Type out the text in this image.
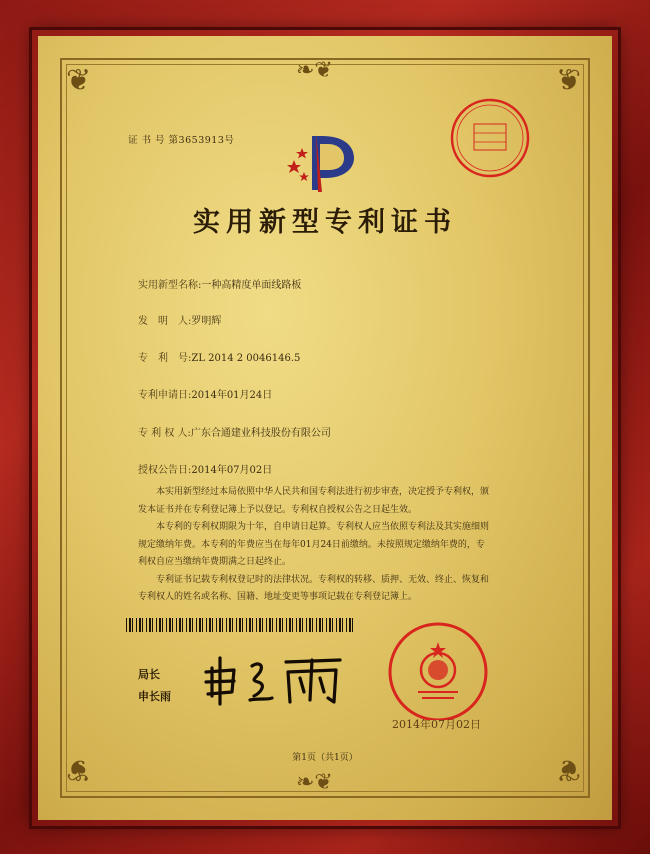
❦	❦
❦	❦
❧❦
❧❦
证 书 号 第3653913号
实用新型专利证书
实用新型名称:一种高精度单面线路板
发　明　人:罗明辉
专　利　号:ZL 2014 2 0046146.5
专利申请日:2014年01月24日
专 利 权 人:广东合通建业科技股份有限公司
授权公告日:2014年07月02日

　　本实用新型经过本局依照中华人民共和国专利法进行初步审查，决定授予专利权，颁

发本证书并在专利登记簿上予以登记。专利权自授权公告之日起生效。

　　本专利的专利权期限为十年，自申请日起算。专利权人应当依照专利法及其实施细则

规定缴纳年费。本专利的年费应当在每年01月24日前缴纳。未按照规定缴纳年费的，专

利权自应当缴纳年费期满之日起终止。

　　专利证书记载专利权登记时的法律状况。专利权的转移、质押、无效、终止、恢复和

专利权人的姓名或名称、国籍、地址变更等事项记载在专利登记簿上。

局长
申长雨
2014年07月02日
第1页（共1页）
